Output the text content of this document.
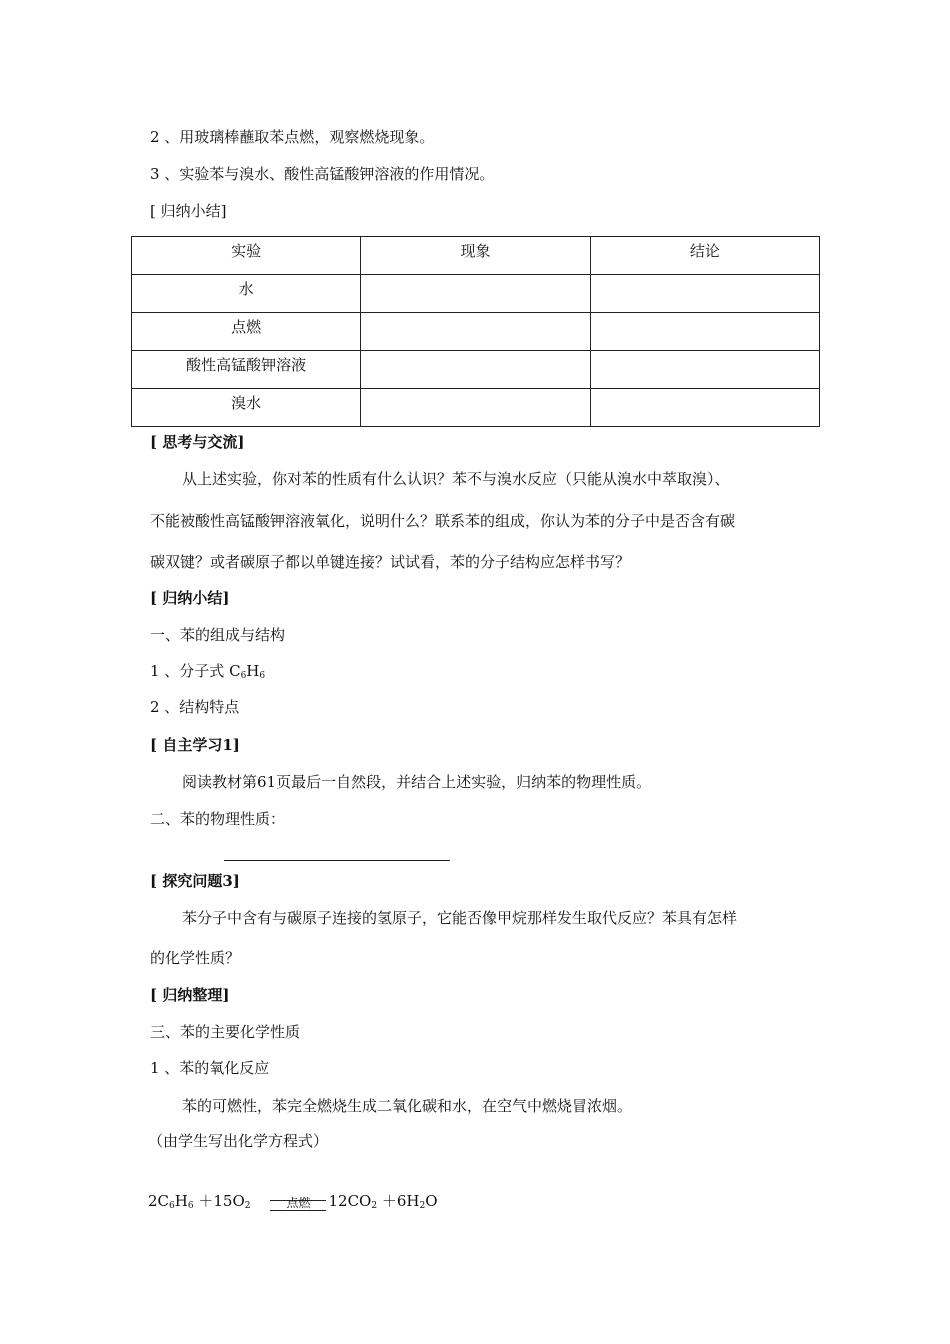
2 、用玻璃棒蘸取苯点燃，观察燃烧现象。
3 、实验苯与溴水、酸性高锰酸钾溶液的作用情况。
[ 归纳小结]
实验	现象	结论
水		
点燃		
酸性高锰酸钾溶液		
溴水		
[ 思考与交流]
从上述实验，你对苯的性质有什么认识？苯不与溴水反应（只能从溴水中萃取溴）、
不能被酸性高锰酸钾溶液氧化，说明什么？联系苯的组成，你认为苯的分子中是否含有碳
碳双键？或者碳原子都以单键连接？试试看，苯的分子结构应怎样书写？
[ 归纳小结]
一、苯的组成与结构
1 、分子式 $C_6H_6$
2 、结构特点
[ 自主学习1]
阅读教材第61页最后一自然段，并结合上述实验，归纳苯的物理性质。
二、苯的物理性质：
[ 探究问题3]
苯分子中含有与碳原子连接的氢原子，它能否像甲烷那样发生取代反应？苯具有怎样
的化学性质？
[ 归纳整理]
三、苯的主要化学性质
1 、苯的氧化反应
苯的可燃性，苯完全燃烧生成二氧化碳和水，在空气中燃烧冒浓烟。
（由学生写出化学方程式）
$2C_6H_6 +15O_2$	点燃 $12CO_2 +6H_2O$
